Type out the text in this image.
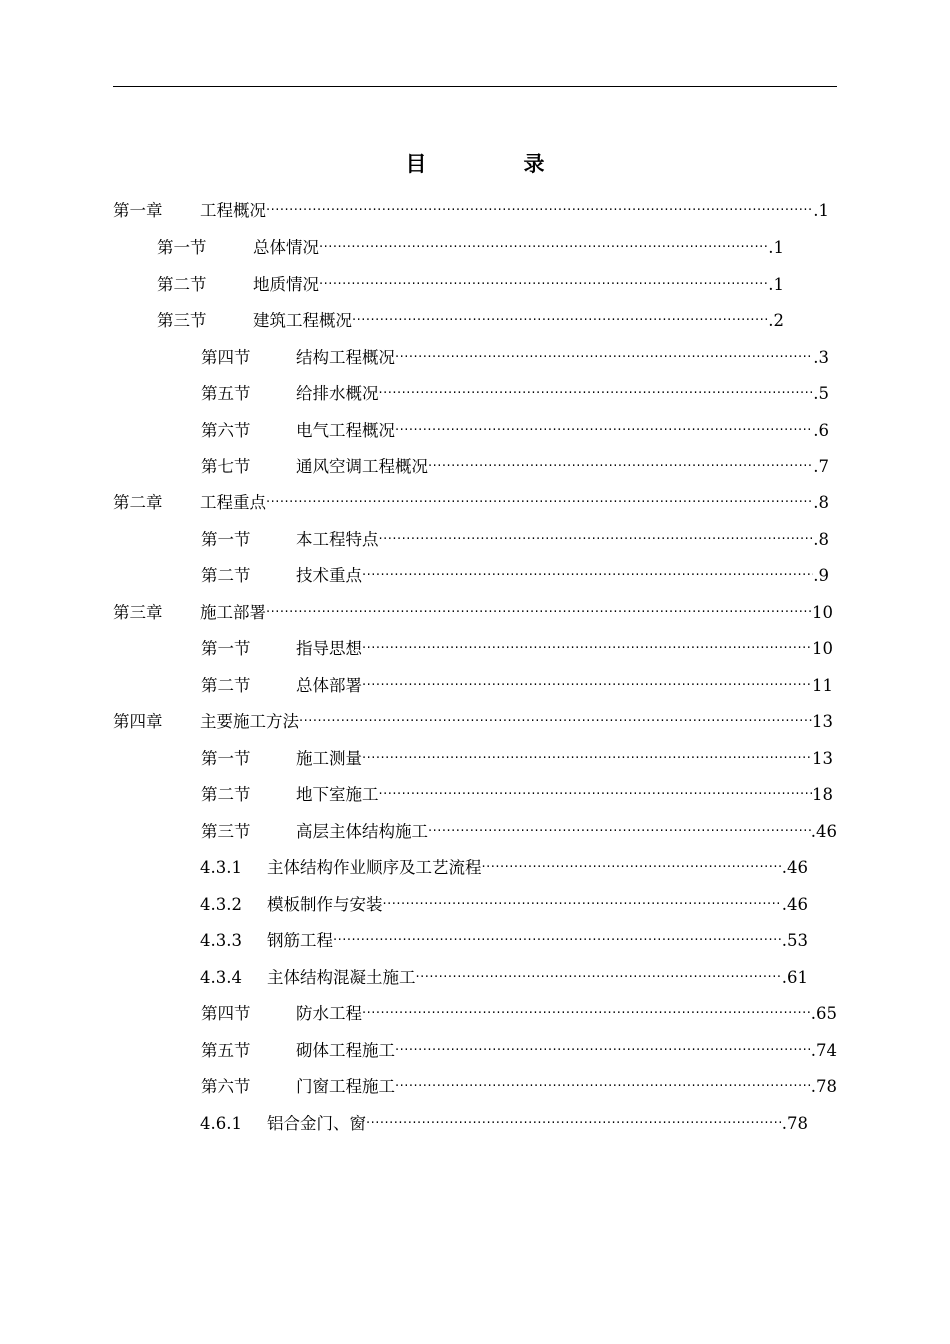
目　录
第一章	工程概况 ·····	.1
第一节	总体情况 ·····	.1
第二节	地质情况 ·····	.1
第三节	建筑工程概况 ·····	.2
第四节	结构工程概况 ·····	.3
第五节	给排水概况 ·····	.5
第六节	电气工程概况 ·····	.6
第七节	通风空调工程概况 ·····	.7
第二章	工程重点 ·····	.8
第一节	本工程特点 ·····	.8
第二节	技术重点 ·····	.9
第三章	施工部署 ·····	10
第一节	指导思想 ·····	10
第二节	总体部署 ·····	11
第四章	主要施工方法 ·····	13
第一节	施工测量 ·····	13
第二节	地下室施工 ·····	18
第三节	高层主体结构施工 ·····	.46
4.3.1	主体结构作业顺序及工艺流程 ·····	.46
4.3.2	模板制作与安装 ·····	.46
4.3.3	钢筋工程 ·····	.53
4.3.4	主体结构混凝土施工 ·····	.61
第四节	防水工程 ·····	.65
第五节	砌体工程施工 ·····	.74
第六节	门窗工程施工 ·····	.78
4.6.1	铝合金门、窗 ·····	.78
